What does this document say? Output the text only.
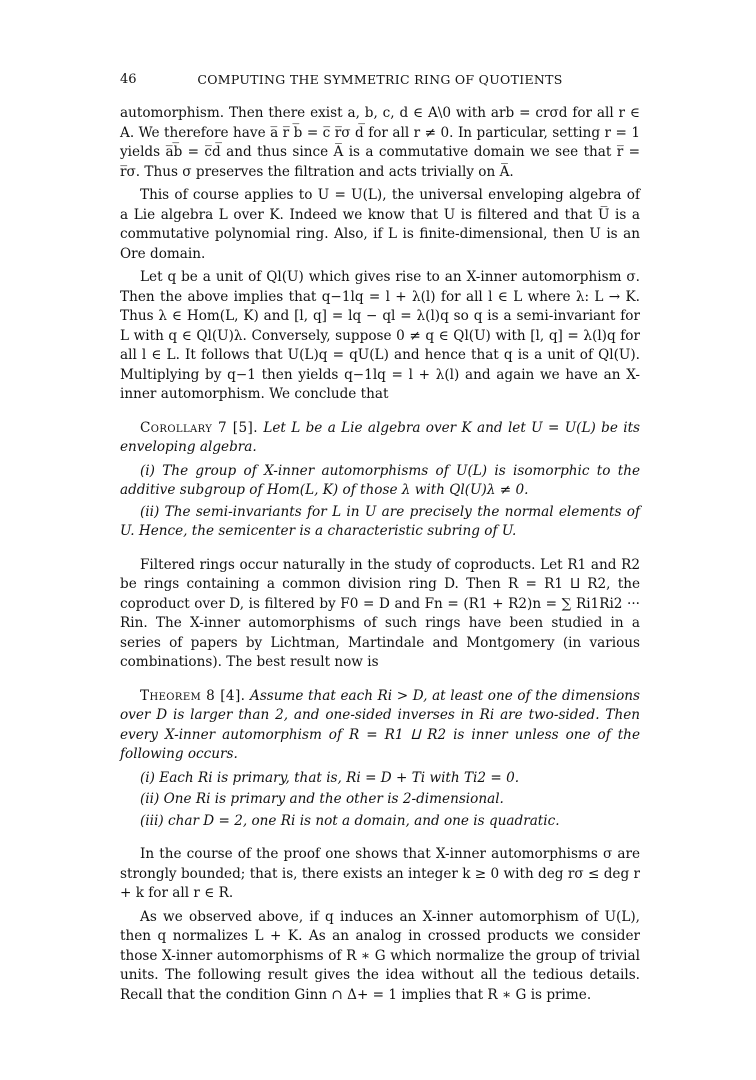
46	COMPUTING THE SYMMETRIC RING OF QUOTIENTS

automorphism. Then there exist a, b, c, d ∈ A\0 with arb = crσd for all r ∈ A. We therefore have a̅ r̅ b̅ = c̅ r̅σ d̅ for all r ≠ 0. In particular, setting r = 1 yields a̅b̅ = c̅d̅ and thus since A̅ is a commutative domain we see that r̅ = r̅σ. Thus σ preserves the filtration and acts trivially on A̅.

This of course applies to U = U(L), the universal enveloping algebra of a Lie algebra L over K. Indeed we know that U is filtered and that U̅ is a commutative polynomial ring. Also, if L is finite-dimensional, then U is an Ore domain.

Let q be a unit of Ql(U) which gives rise to an X-inner automorphism σ. Then the above implies that q−1lq = l + λ(l) for all l ∈ L where λ: L → K. Thus λ ∈ Hom(L, K) and [l, q] = lq − ql = λ(l)q so q is a semi-invariant for L with q ∈ Ql(U)λ. Conversely, suppose 0 ≠ q ∈ Ql(U) with [l, q] = λ(l)q for all l ∈ L. It follows that U(L)q = qU(L) and hence that q is a unit of Ql(U). Multiplying by q−1 then yields q−1lq = l + λ(l) and again we have an X-inner automorphism. We conclude that

Corollary 7 [5]. Let L be a Lie algebra over K and let U = U(L) be its enveloping algebra.

(i) The group of X-inner automorphisms of U(L) is isomorphic to the additive subgroup of Hom(L, K) of those λ with Ql(U)λ ≠ 0.

(ii) The semi-invariants for L in U are precisely the normal elements of U. Hence, the semicenter is a characteristic subring of U.

Filtered rings occur naturally in the study of coproducts. Let R1 and R2 be rings containing a common division ring D. Then R = R1 ⨿ R2, the coproduct over D, is filtered by F0 = D and Fn = (R1 + R2)n = ∑ Ri1Ri2 ··· Rin. The X-inner automorphisms of such rings have been studied in a series of papers by Lichtman, Martindale and Montgomery (in various combinations). The best result now is

Theorem 8 [4]. Assume that each Ri > D, at least one of the dimensions over D is larger than 2, and one-sided inverses in Ri are two-sided. Then every X-inner automorphism of R = R1 ⨿ R2 is inner unless one of the following occurs.

(i) Each Ri is primary, that is, Ri = D + Ti with Ti2 = 0.

(ii) One Ri is primary and the other is 2-dimensional.

(iii) char D = 2, one Ri is not a domain, and one is quadratic.

In the course of the proof one shows that X-inner automorphisms σ are strongly bounded; that is, there exists an integer k ≥ 0 with deg rσ ≤ deg r + k for all r ∈ R.

As we observed above, if q induces an X-inner automorphism of U(L), then q normalizes L + K. As an analog in crossed products we consider those X-inner automorphisms of R ∗ G which normalize the group of trivial units. The following result gives the idea without all the tedious details. Recall that the condition Ginn ∩ Δ+ = 1 implies that R ∗ G is prime.
